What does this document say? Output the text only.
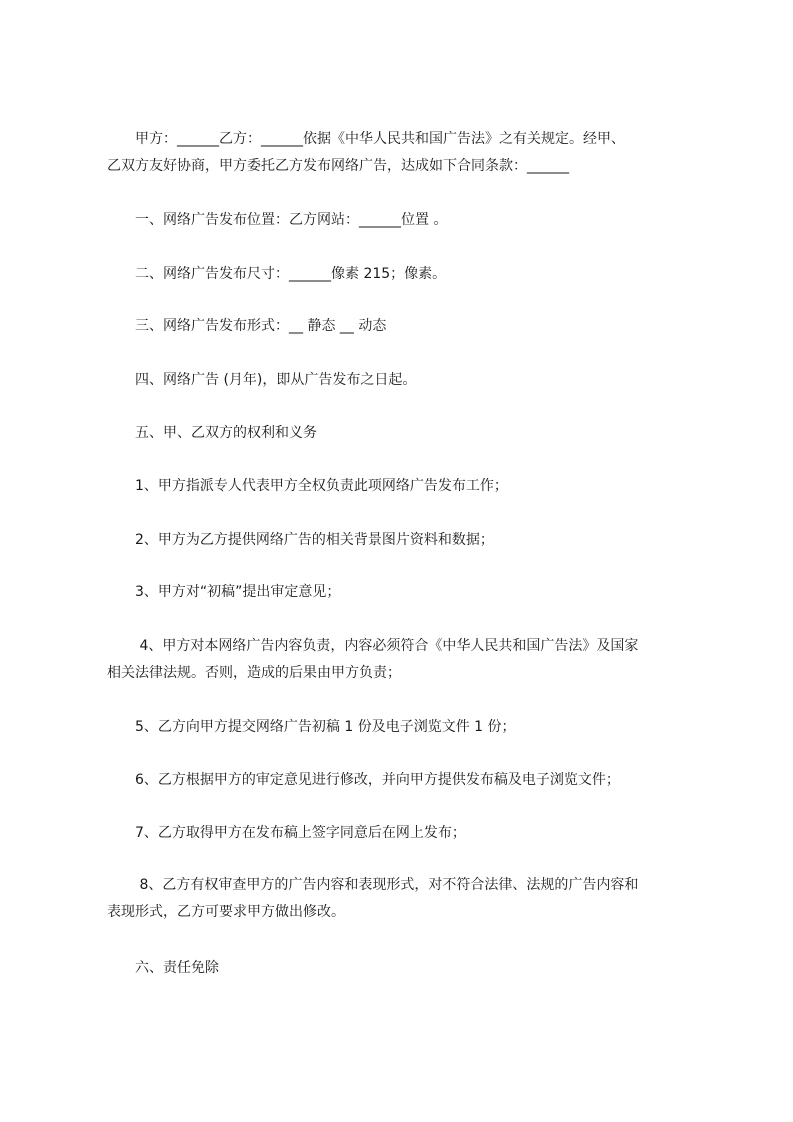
　　甲方：______乙方：______依据《中华人民共和国广告法》之有关规定。经甲、
乙双方友好协商，甲方委托乙方发布网络广告，达成如下合同条款：______

　　一、网络广告发布位置：乙方网站：______位置 。

　　二、网络广告发布尺寸：______像素 215；像素。

　　三、网络广告发布形式：__ 静态 __ 动态

　　四、网络广告 (月年)，即从广告发布之日起。

　　五、甲、乙双方的权利和义务

　　1、甲方指派专人代表甲方全权负责此项网络广告发布工作；

　　2、甲方为乙方提供网络广告的相关背景图片资料和数据；

　　3、甲方对“初稿”提出审定意见；

　　 4、甲方对本网络广告内容负责，内容必须符合《中华人民共和国广告法》及国家
相关法律法规。否则，造成的后果由甲方负责；

　　5、乙方向甲方提交网络广告初稿 1 份及电子浏览文件 1 份；

　　6、乙方根据甲方的审定意见进行修改，并向甲方提供发布稿及电子浏览文件；

　　7、乙方取得甲方在发布稿上签字同意后在网上发布；

　　 8、乙方有权审查甲方的广告内容和表现形式，对不符合法律、法规的广告内容和
表现形式，乙方可要求甲方做出修改。

　　六、责任免除
